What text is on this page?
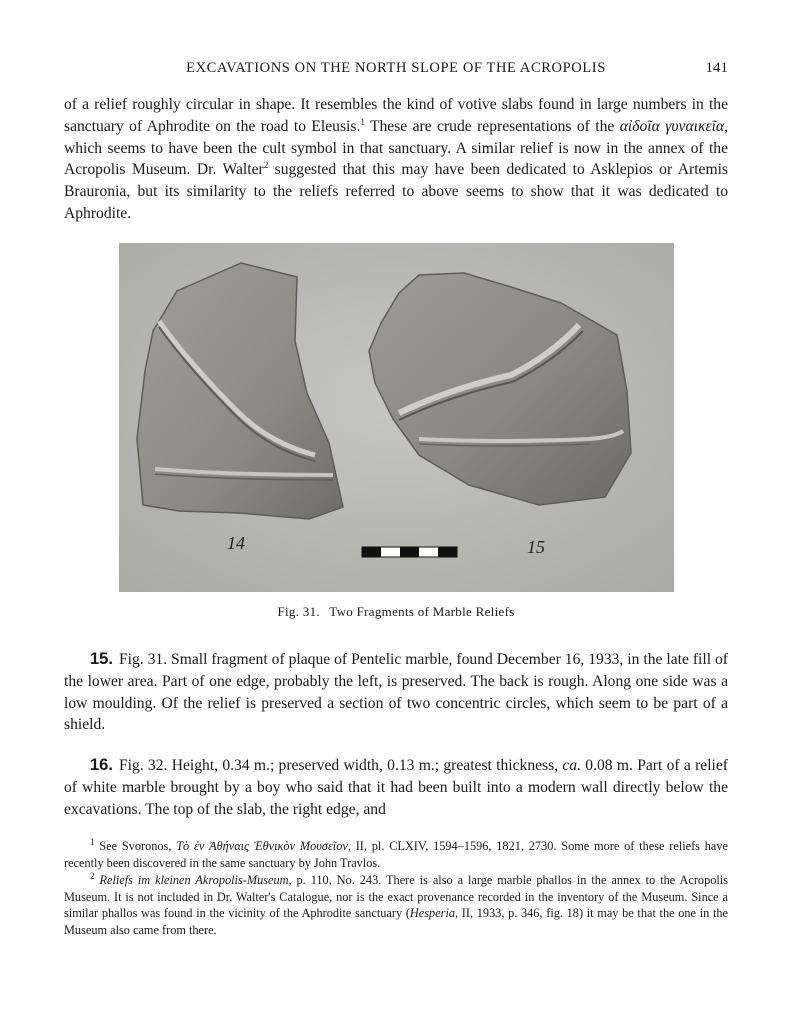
EXCAVATIONS ON THE NORTH SLOPE OF THE ACROPOLIS	141

of a relief roughly circular in shape. It resembles the kind of votive slabs found in large numbers in the sanctuary of Aphrodite on the road to Eleusis.$^1$ These are crude representations of the αἰδοῖα γυναικεῖα, which seems to have been the cult symbol in that sanctuary. A similar relief is now in the annex of the Acropolis Museum. Dr. Walter$^2$ suggested that this may have been dedicated to Asklepios or Artemis Brauronia, but its similarity to the reliefs referred to above seems to show that it was dedicated to Aphrodite.

14	15
Fig. 31. Two Fragments of Marble Reliefs

15. Fig. 31. Small fragment of plaque of Pentelic marble, found December 16, 1933, in the late fill of the lower area. Part of one edge, probably the left, is preserved. The back is rough. Along one side was a low moulding. Of the relief is preserved a section of two concentric circles, which seem to be part of a shield.

16. Fig. 32. Height, 0.34 m.; preserved width, 0.13 m.; greatest thickness, ca. 0.08 m. Part of a relief of white marble brought by a boy who said that it had been built into a modern wall directly below the excavations. The top of the slab, the right edge, and

$^1$ See Svoronos, Τὸ ἐν Ἀθήναις Ἐθνικὸν Μουσεῖον, II, pl. CLXIV, 1594–1596, 1821, 2730. Some more of these reliefs have recently been discovered in the same sanctuary by John Travlos.

$^2$ Reliefs im kleinen Akropolis-Museum, p. 110, No. 243. There is also a large marble phallos in the annex to the Acropolis Museum. It is not included in Dr. Walter's Catalogue, nor is the exact provenance recorded in the inventory of the Museum. Since a similar phallos was found in the vicinity of the Aphrodite sanctuary (Hesperia, II, 1933, p. 346, fig. 18) it may be that the one in the Museum also came from there.
